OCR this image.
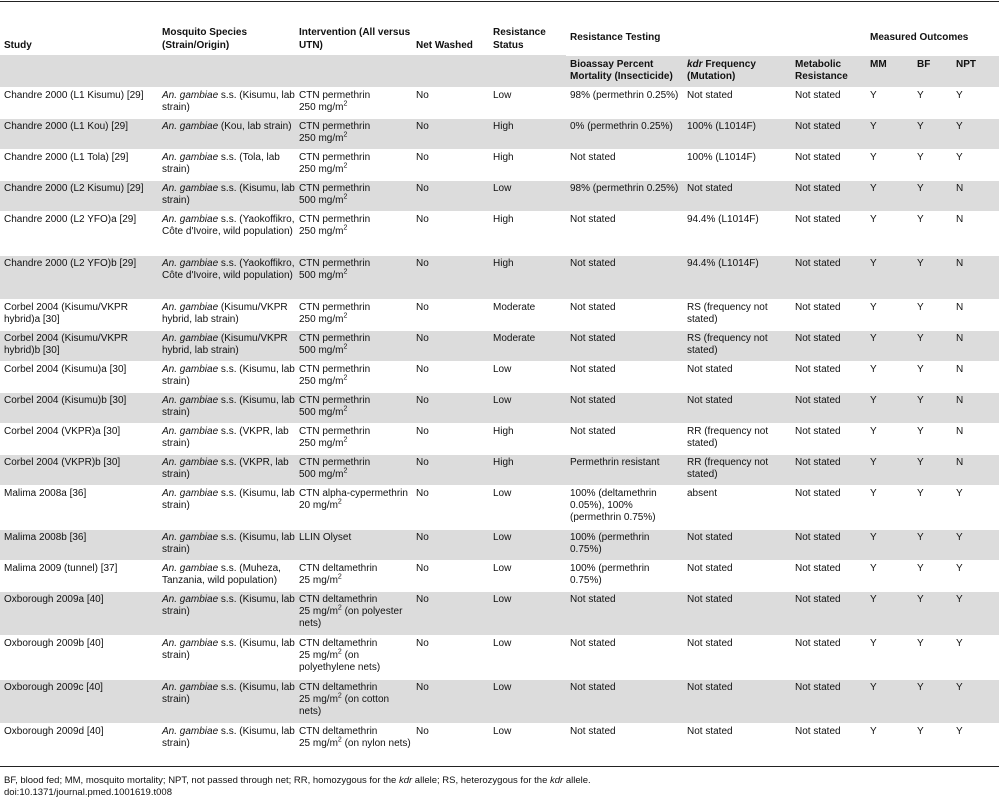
Study	Mosquito Species (Strain/Origin)	Intervention (All versus UTN)	Net Washed	Resistance Status	Resistance Testing			Measured Outcomes		
					Bioassay Percent Mortality (Insecticide)	kdr Frequency (Mutation)	Metabolic Resistance	MM	BF	NPT
Chandre 2000 (L1 Kisumu) [29]	An. gambiae s.s. (Kisumu, lab strain)	CTN permethrin
250 $mg/m^2$	No	Low	98% (permethrin 0.25%)	Not stated	Not stated	Y	Y	Y
Chandre 2000 (L1 Kou) [29]	An. gambiae (Kou, lab strain)	CTN permethrin
250 $mg/m^2$	No	High	0% (permethrin 0.25%)	100% (L1014F)	Not stated	Y	Y	Y
Chandre 2000 (L1 Tola) [29]	An. gambiae s.s. (Tola, lab strain)	CTN permethrin
250 $mg/m^2$	No	High	Not stated	100% (L1014F)	Not stated	Y	Y	Y
Chandre 2000 (L2 Kisumu) [29]	An. gambiae s.s. (Kisumu, lab strain)	CTN permethrin
500 $mg/m^2$	No	Low	98% (permethrin 0.25%)	Not stated	Not stated	Y	Y	N
Chandre 2000 (L2 YFO)a [29]	An. gambiae s.s. (Yaokoffikro, Côte d'Ivoire, wild population)	CTN permethrin
250 $mg/m^2$	No	High	Not stated	94.4% (L1014F)	Not stated	Y	Y	N
Chandre 2000 (L2 YFO)b [29]	An. gambiae s.s. (Yaokoffikro, Côte d'Ivoire, wild population)	CTN permethrin
500 $mg/m^2$	No	High	Not stated	94.4% (L1014F)	Not stated	Y	Y	N
Corbel 2004 (Kisumu/VKPR hybrid)a [30]	An. gambiae (Kisumu/VKPR hybrid, lab strain)	CTN permethrin
250 $mg/m^2$	No	Moderate	Not stated	RS (frequency not stated)	Not stated	Y	Y	N
Corbel 2004 (Kisumu/VKPR hybrid)b [30]	An. gambiae (Kisumu/VKPR hybrid, lab strain)	CTN permethrin
500 $mg/m^2$	No	Moderate	Not stated	RS (frequency not stated)	Not stated	Y	Y	N
Corbel 2004 (Kisumu)a [30]	An. gambiae s.s. (Kisumu, lab strain)	CTN permethrin
250 $mg/m^2$	No	Low	Not stated	Not stated	Not stated	Y	Y	N
Corbel 2004 (Kisumu)b [30]	An. gambiae s.s. (Kisumu, lab strain)	CTN permethrin
500 $mg/m^2$	No	Low	Not stated	Not stated	Not stated	Y	Y	N
Corbel 2004 (VKPR)a [30]	An. gambiae s.s. (VKPR, lab strain)	CTN permethrin
250 $mg/m^2$	No	High	Not stated	RR (frequency not stated)	Not stated	Y	Y	N
Corbel 2004 (VKPR)b [30]	An. gambiae s.s. (VKPR, lab strain)	CTN permethrin
500 $mg/m^2$	No	High	Permethrin resistant	RR (frequency not stated)	Not stated	Y	Y	N
Malima 2008a [36]	An. gambiae s.s. (Kisumu, lab strain)	CTN alpha-cypermethrin
20 $mg/m^2$	No	Low	100% (deltamethrin 0.05%), 100% (permethrin 0.75%)	absent	Not stated	Y	Y	Y
Malima 2008b [36]	An. gambiae s.s. (Kisumu, lab strain)	LLIN Olyset	No	Low	100% (permethrin 0.75%)	Not stated	Not stated	Y	Y	Y
Malima 2009 (tunnel) [37]	An. gambiae s.s. (Muheza, Tanzania, wild population)	CTN deltamethrin
25 $mg/m^2$	No	Low	100% (permethrin 0.75%)	Not stated	Not stated	Y	Y	Y
Oxborough 2009a [40]	An. gambiae s.s. (Kisumu, lab strain)	CTN deltamethrin
25 $mg/m^2$ (on polyester nets)	No	Low	Not stated	Not stated	Not stated	Y	Y	Y
Oxborough 2009b [40]	An. gambiae s.s. (Kisumu, lab strain)	CTN deltamethrin
25 $mg/m^2$ (on polyethylene nets)	No	Low	Not stated	Not stated	Not stated	Y	Y	Y
Oxborough 2009c [40]	An. gambiae s.s. (Kisumu, lab strain)	CTN deltamethrin
25 $mg/m^2$ (on cotton nets)	No	Low	Not stated	Not stated	Not stated	Y	Y	Y
Oxborough 2009d [40]	An. gambiae s.s. (Kisumu, lab strain)	CTN deltamethrin
25 $mg/m^2$ (on nylon nets)	No	Low	Not stated	Not stated	Not stated	Y	Y	Y
BF, blood fed; MM, mosquito mortality; NPT, not passed through net; RR, homozygous for the kdr allele; RS, heterozygous for the kdr allele.
doi:10.1371/journal.pmed.1001619.t008
